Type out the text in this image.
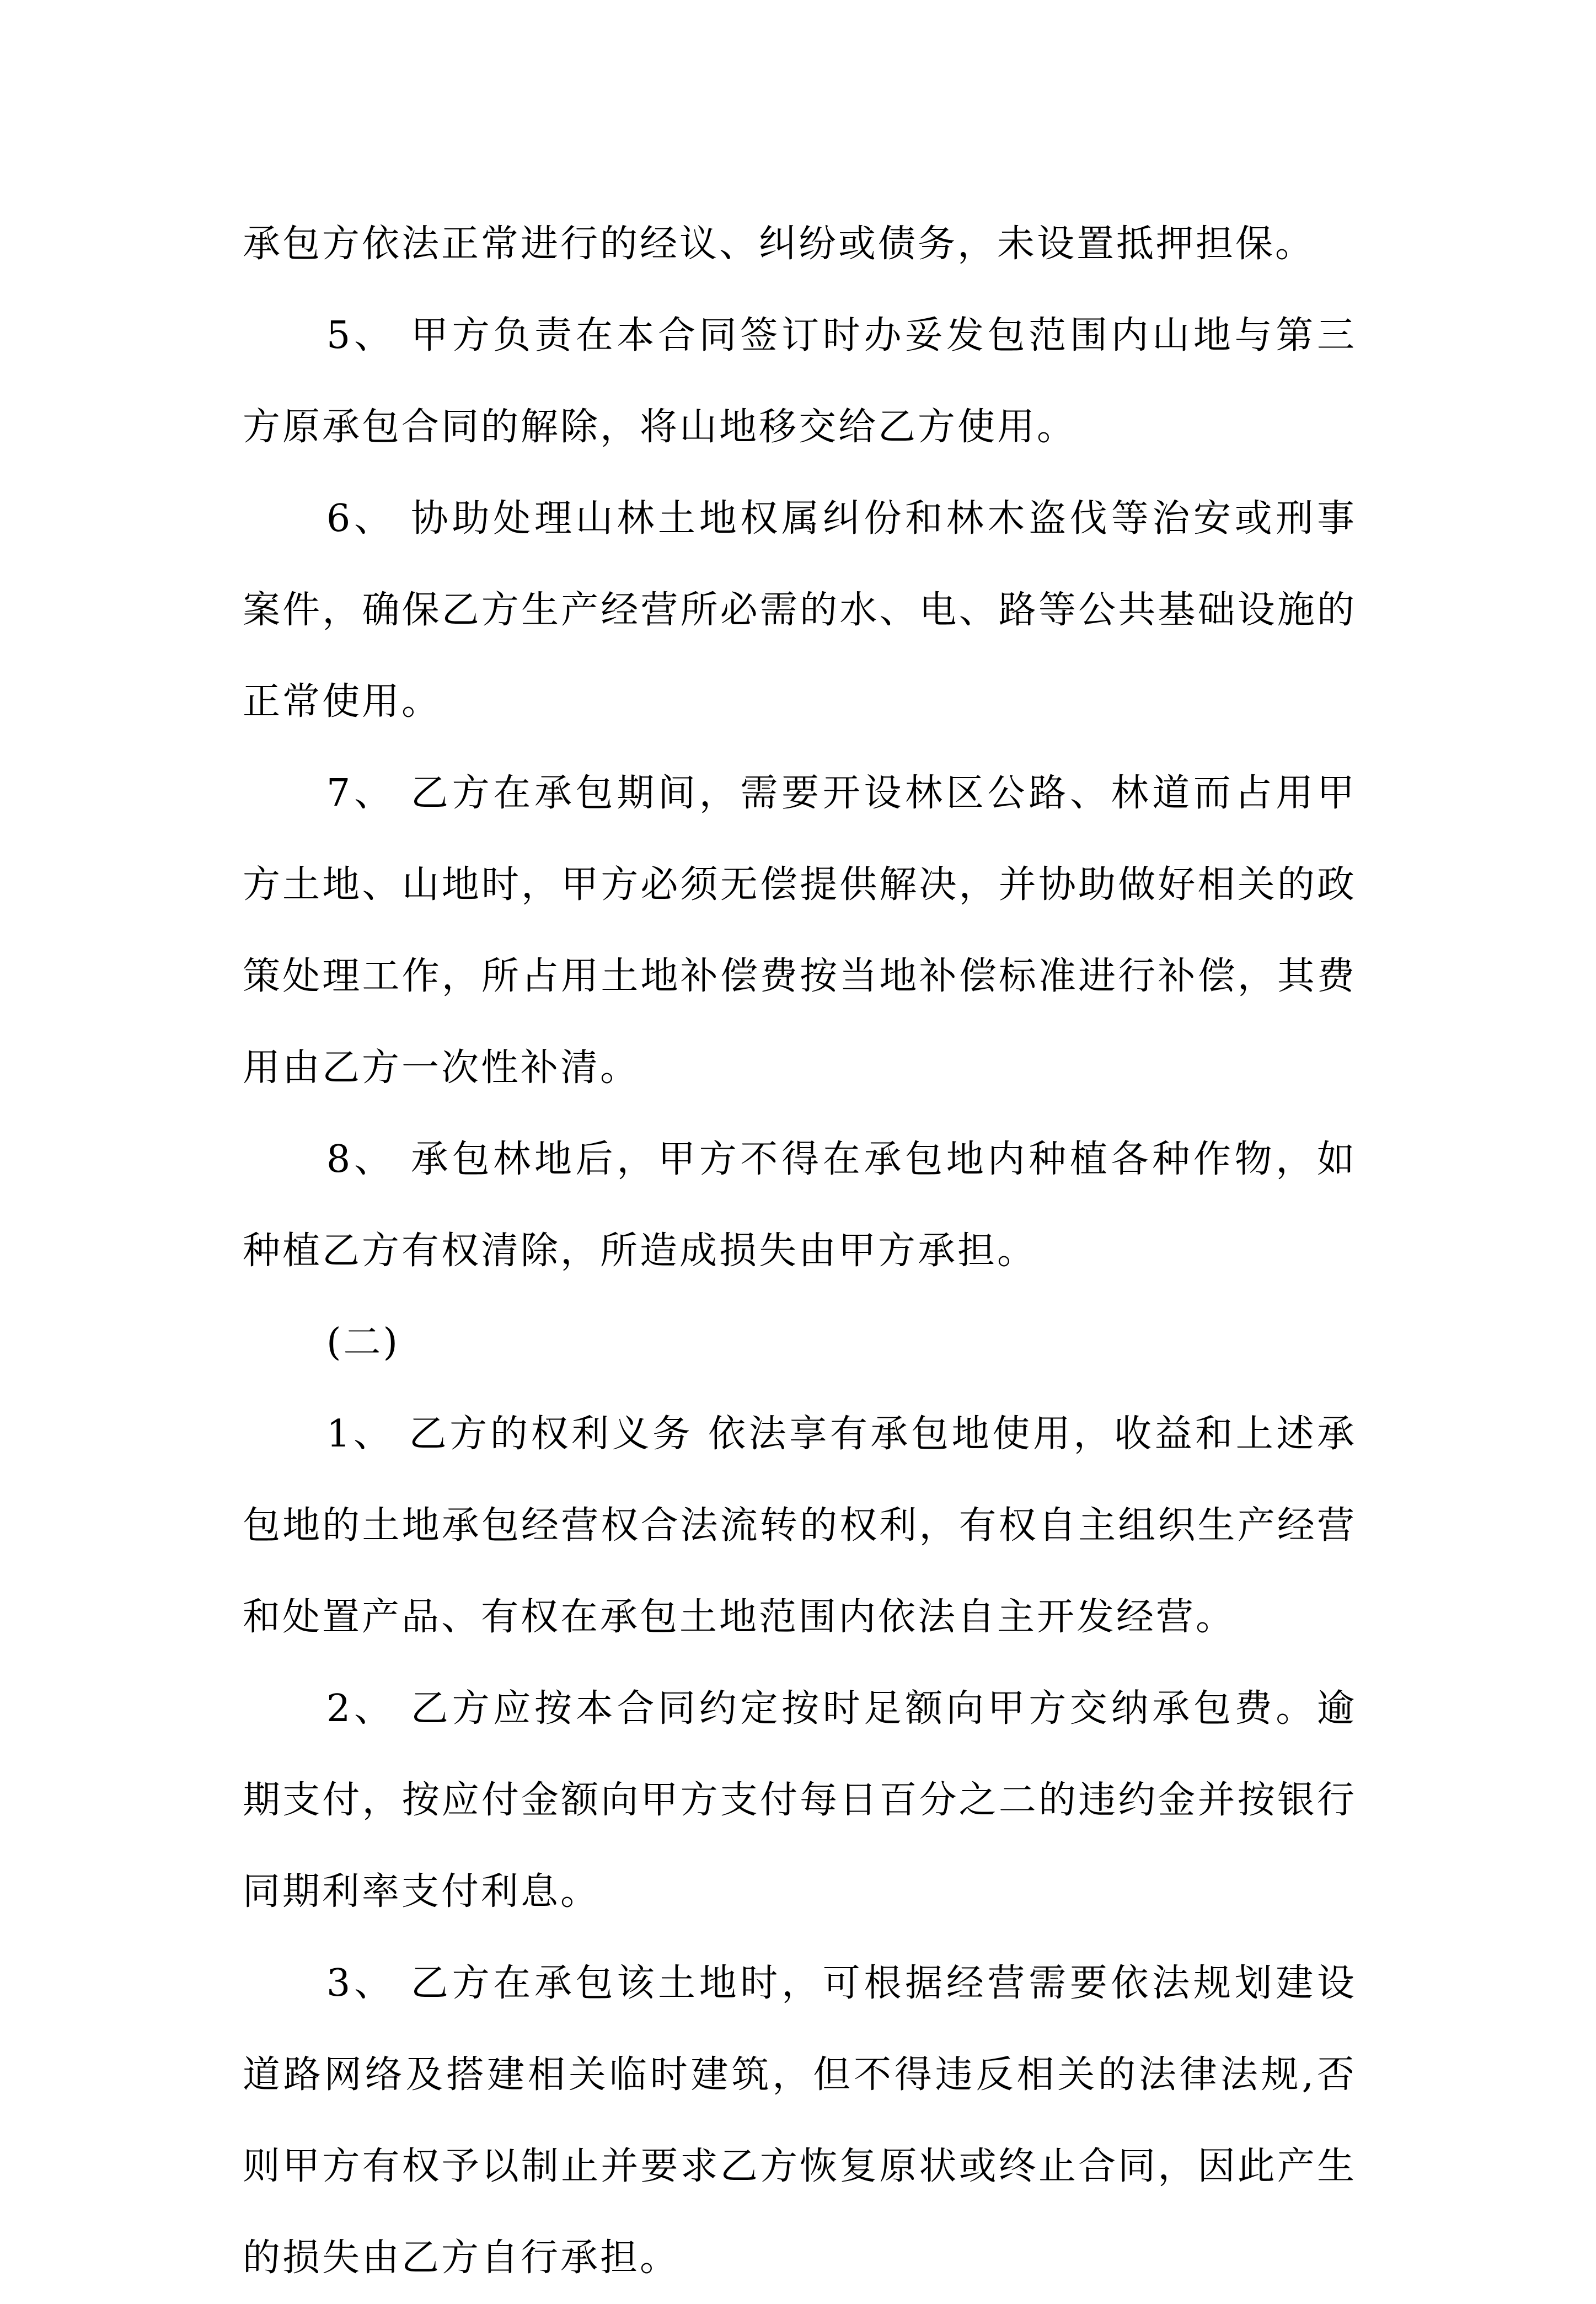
承包方依法正常进行的经议、纠纷或债务，未设置抵押担保。

5、 甲方负责在本合同签订时办妥发包范围内山地与第三方原承包合同的解除，将山地移交给乙方使用。

6、 协助处理山林土地权属纠份和林木盗伐等治安或刑事案件，确保乙方生产经营所必需的水、电、路等公共基础设施的正常使用。

7、 乙方在承包期间，需要开设林区公路、林道而占用甲方土地、山地时，甲方必须无偿提供解决，并协助做好相关的政策处理工作，所占用土地补偿费按当地补偿标准进行补偿，其费用由乙方一次性补清。

8、 承包林地后，甲方不得在承包地内种植各种作物，如种植乙方有权清除，所造成损失由甲方承担。

(二)

1、 乙方的权利义务 依法享有承包地使用，收益和上述承包地的土地承包经营权合法流转的权利，有权自主组织生产经营和处置产品、有权在承包土地范围内依法自主开发经营。

2、 乙方应按本合同约定按时足额向甲方交纳承包费。逾期支付，按应付金额向甲方支付每日百分之二的违约金并按银行同期利率支付利息。

3、 乙方在承包该土地时，可根据经营需要依法规划建设道路网络及搭建相关临时建筑，但不得违反相关的法律法规,否则甲方有权予以制止并要求乙方恢复原状或终止合同，因此产生的损失由乙方自行承担。
